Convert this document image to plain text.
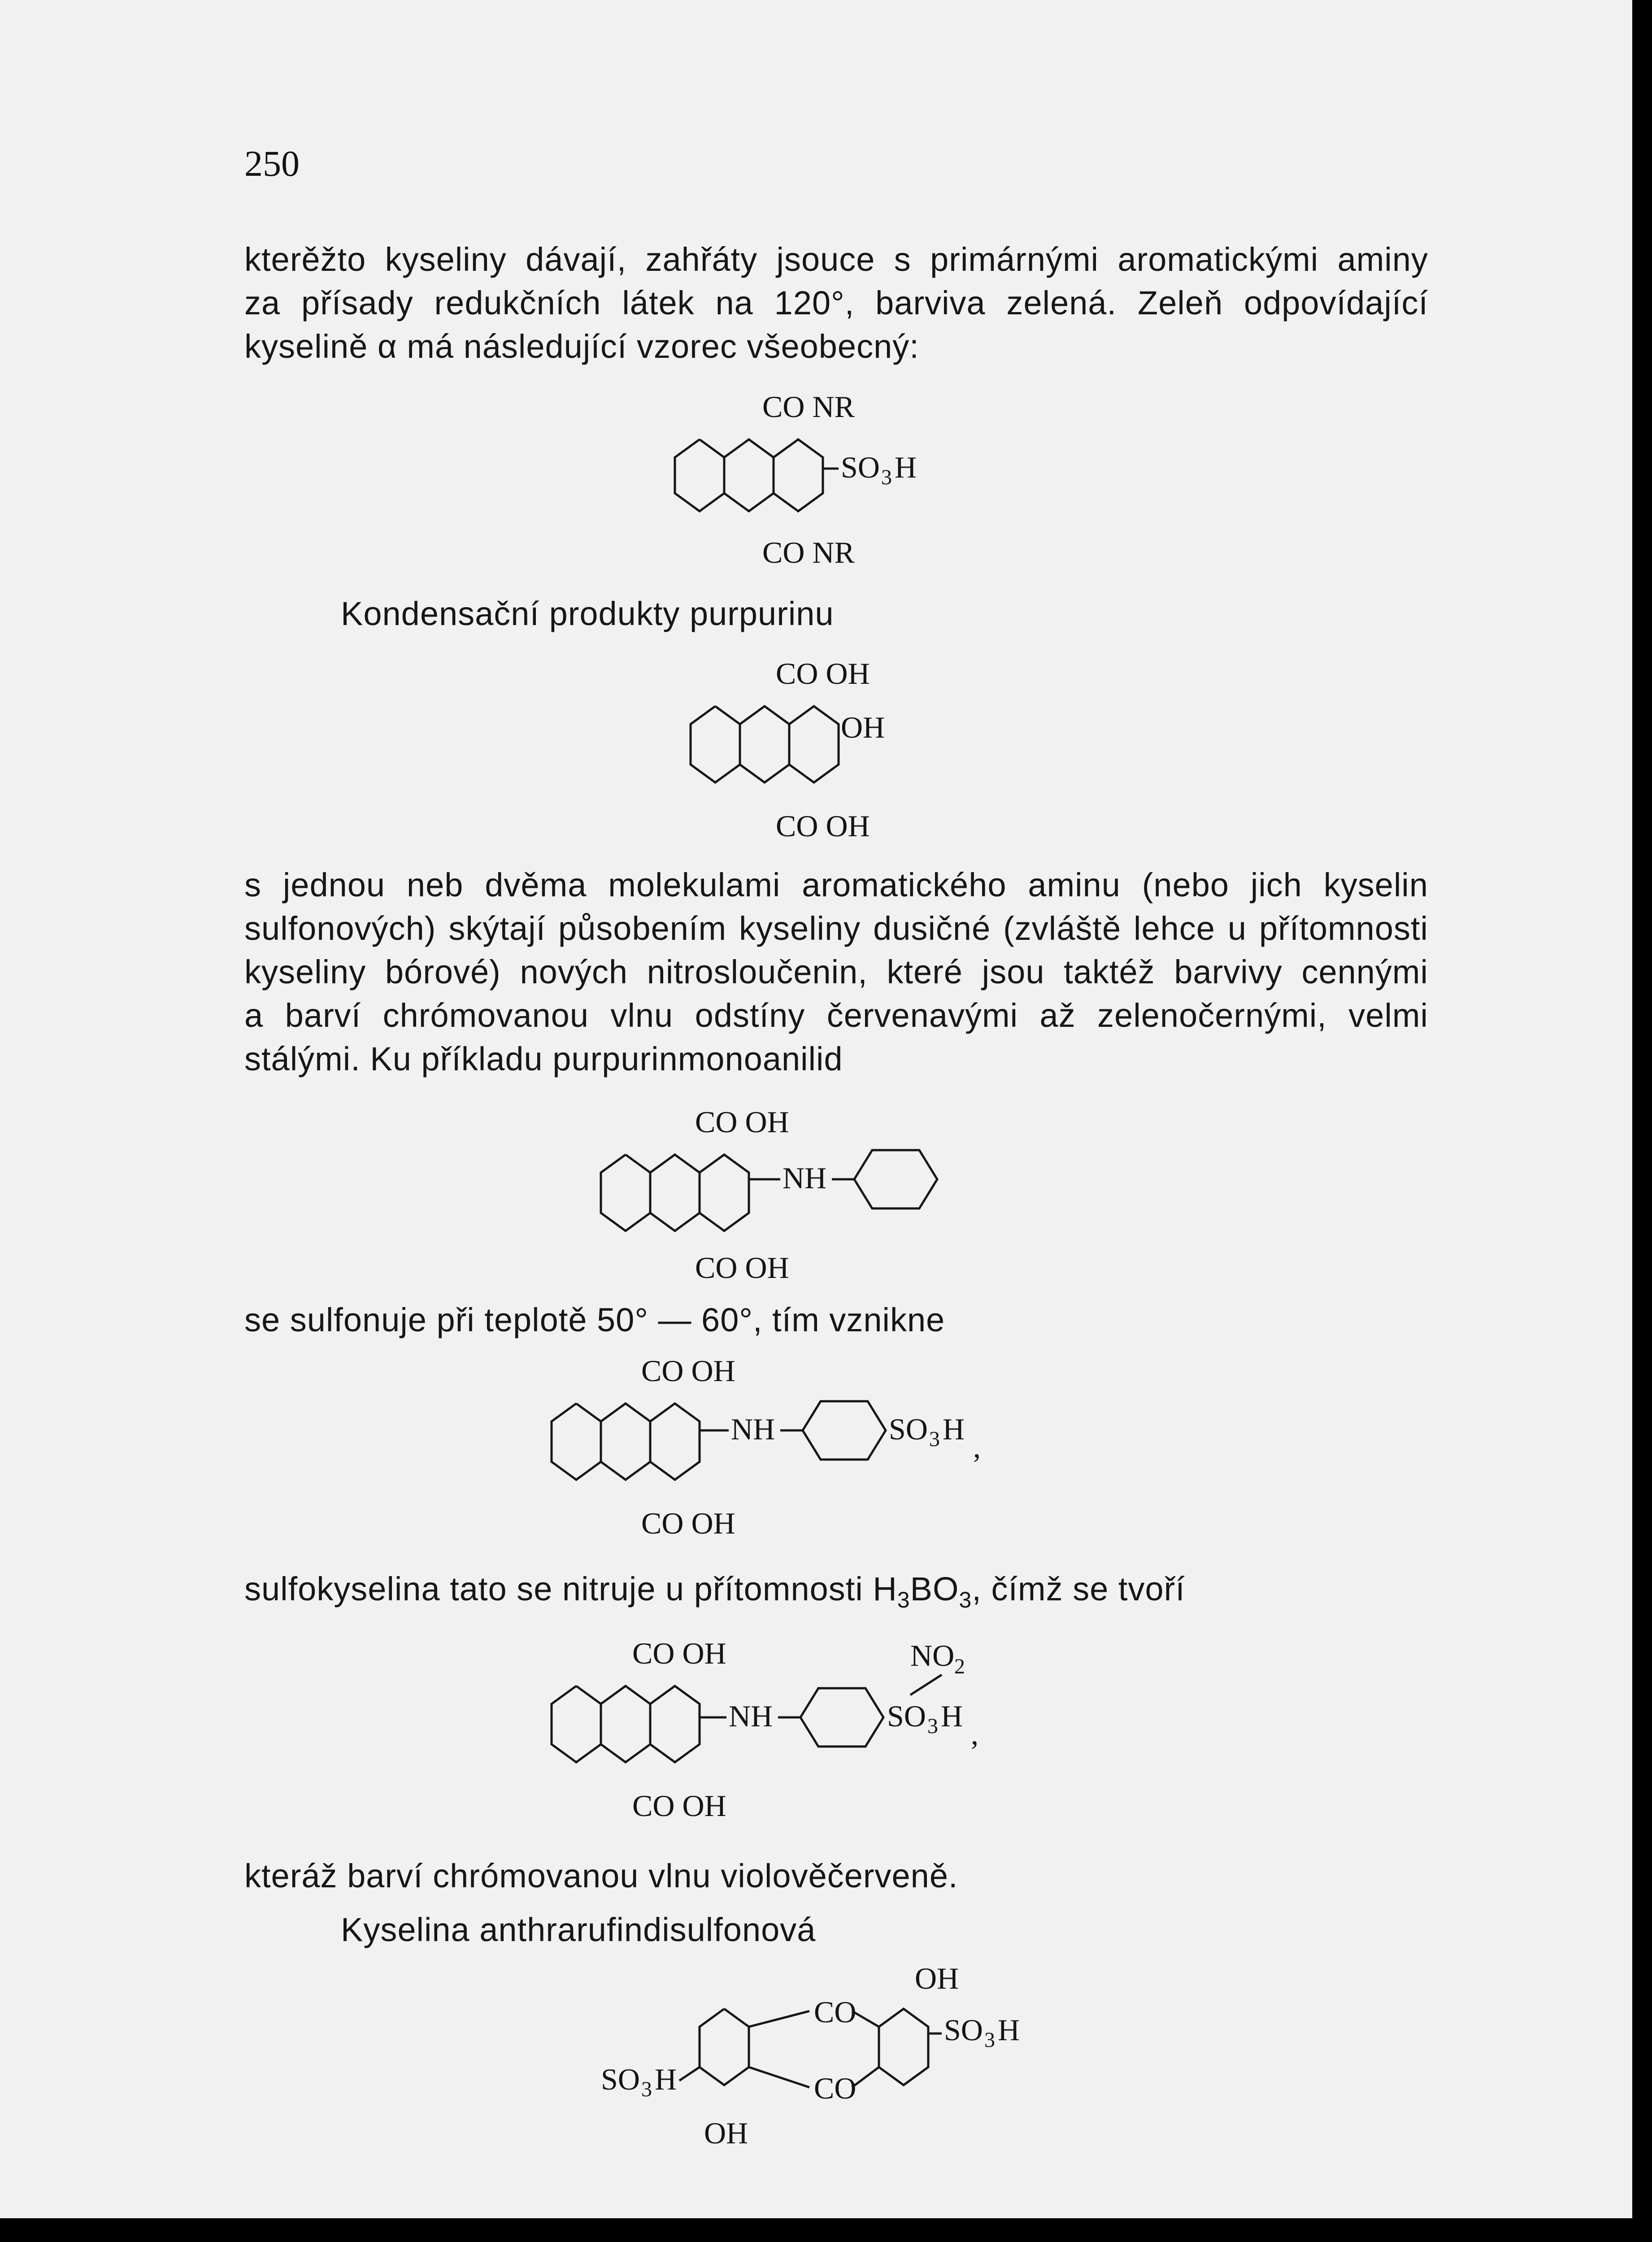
250
kterěžto kyseliny dávají, zahřáty jsouce s primárnými aromatickými aminy
za přísady redukčních látek na 120°, barviva zelená. Zeleň odpovídající
kyselině α má následující vzorec všeobecný:
CO NR
SO 3 H
CO NR
Kondensační produkty purpurinu
CO OH
OH
CO OH
s jednou neb dvěma molekulami aromatického aminu (nebo jich kyselin
sulfonových) skýtají působením kyseliny dusičné (zvláště lehce u přítomnosti
kyseliny bórové) nových nitrosloučenin, které jsou taktéž barvivy cennými
a barví chrómovanou vlnu odstíny červenavými až zelenočernými, velmi
stálými. Ku příkladu purpurinmonoanilid
CO OH
NH
CO OH
se sulfonuje při teplotě 50° — 60°, tím vznikne
CO OH
NH	SO 3 H
,
CO OH
sulfokyselina tato se nitruje u přítomnosti $H_3BO_3$, čímž se tvoří
CO OH
NH
NO 2
SO 3 H
,
CO OH
kteráž barví chrómovanou vlnu violověčerveně.
Kyselina anthrarufindisulfonová
OH
CO
SO 3 H
SO 3 H	CO
OH
